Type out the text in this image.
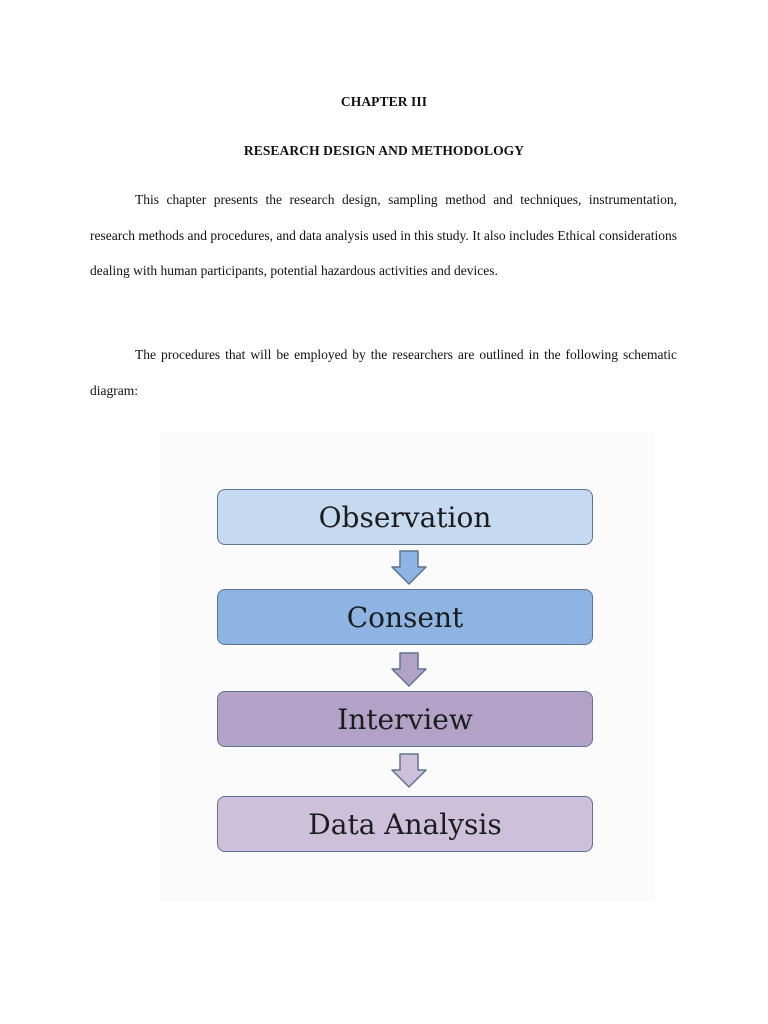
CHAPTER III
RESEARCH DESIGN AND METHODOLOGY

This chapter presents the research design, sampling method and techniques, instrumentation, research methods and procedures, and data analysis used in this study. It also includes Ethical considerations dealing with human participants, potential hazardous activities and devices.

The procedures that will be employed by the researchers are outlined in the following schematic diagram:

Observation
Consent
Interview
Data Analysis
